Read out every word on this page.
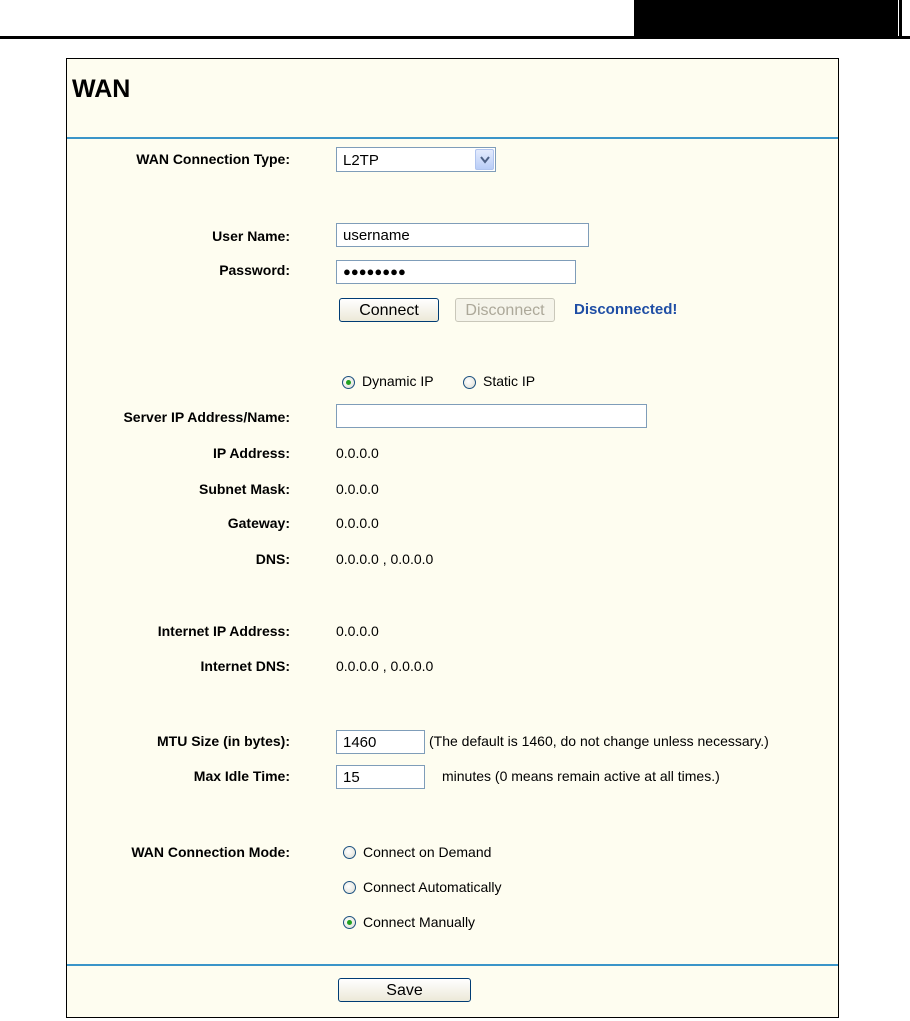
WAN
WAN Connection Type:	L2TP
User Name:
username
Password:	●●●●●●●●
Connect	Disconnect	Disconnected!
Dynamic IP	Static IP
Server IP Address/Name:
IP Address:	0.0.0.0
Subnet Mask:	0.0.0.0
Gateway:	0.0.0.0
DNS:	0.0.0.0 , 0.0.0.0
Internet IP Address:	0.0.0.0
Internet DNS:	0.0.0.0 , 0.0.0.0
MTU Size (in bytes):
1460	(The default is 1460, do not change unless necessary.)
Max Idle Time:
15	minutes (0 means remain active at all times.)
WAN Connection Mode:	Connect on Demand
Connect Automatically
Connect Manually
Save
